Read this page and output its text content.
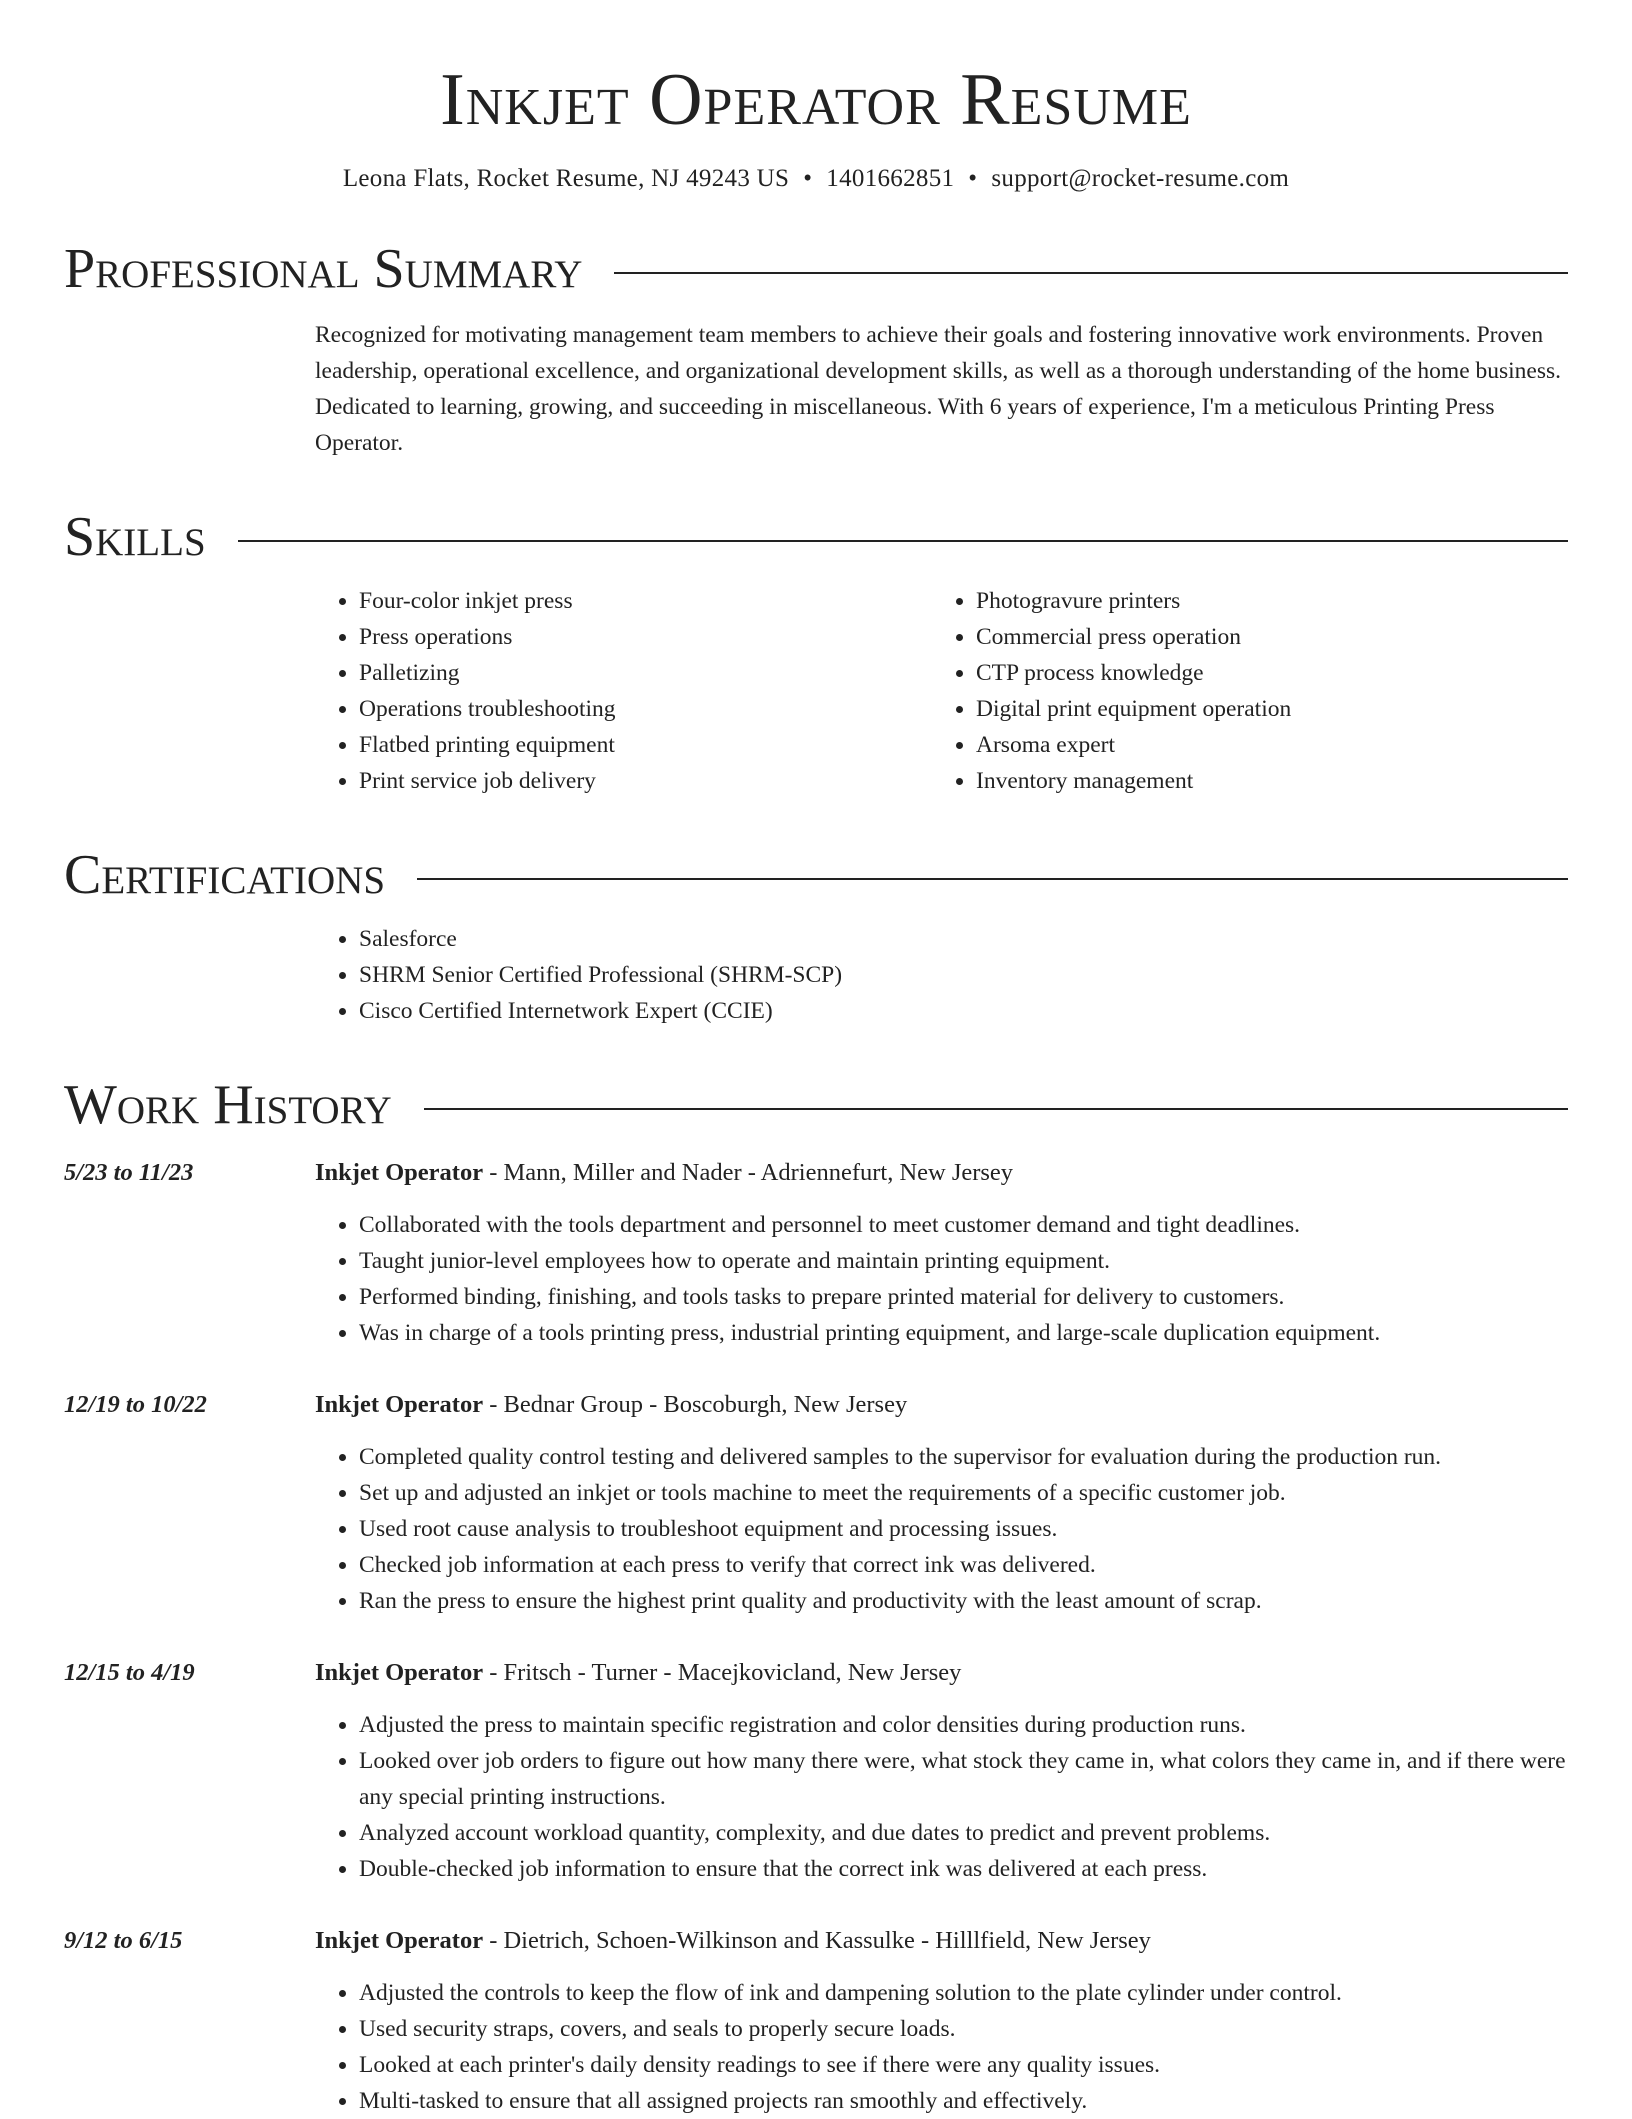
Inkjet Operator Resume
Leona Flats, Rocket Resume, NJ 49243 US • 1401662851 • support@rocket-resume.com
Professional Summary

Recognized for motivating management team members to achieve their goals and fostering innovative work environments. Proven leadership, operational excellence, and organizational development skills, as well as a thorough understanding of the home business. Dedicated to learning, growing, and succeeding in miscellaneous. With 6 years of experience, I'm a meticulous Printing Press Operator.

Skills
• Four-color inkjet press
• Press operations
• Palletizing
• Operations troubleshooting
• Flatbed printing equipment
• Print service job delivery
• Photogravure printers
• Commercial press operation
• CTP process knowledge
• Digital print equipment operation
• Arsoma expert
• Inventory management
Certifications
• Salesforce
• SHRM Senior Certified Professional (SHRM-SCP)
• Cisco Certified Internetwork Expert (CCIE)
Work History
5/23 to 11/23	Inkjet Operator - Mann, Miller and Nader - Adriennefurt, New Jersey
• Collaborated with the tools department and personnel to meet customer demand and tight deadlines.
• Taught junior-level employees how to operate and maintain printing equipment.
• Performed binding, finishing, and tools tasks to prepare printed material for delivery to customers.
• Was in charge of a tools printing press, industrial printing equipment, and large-scale duplication equipment.
12/19 to 10/22	Inkjet Operator - Bednar Group - Boscoburgh, New Jersey
• Completed quality control testing and delivered samples to the supervisor for evaluation during the production run.
• Set up and adjusted an inkjet or tools machine to meet the requirements of a specific customer job.
• Used root cause analysis to troubleshoot equipment and processing issues.
• Checked job information at each press to verify that correct ink was delivered.
• Ran the press to ensure the highest print quality and productivity with the least amount of scrap.
12/15 to 4/19	Inkjet Operator - Fritsch - Turner - Macejkovicland, New Jersey
• Adjusted the press to maintain specific registration and color densities during production runs.
• Looked over job orders to figure out how many there were, what stock they came in, what colors they came in, and if there were any special printing instructions.
• Analyzed account workload quantity, complexity, and due dates to predict and prevent problems.
• Double-checked job information to ensure that the correct ink was delivered at each press.
9/12 to 6/15	Inkjet Operator - Dietrich, Schoen-Wilkinson and Kassulke - Hilllfield, New Jersey
• Adjusted the controls to keep the flow of ink and dampening solution to the plate cylinder under control.
• Used security straps, covers, and seals to properly secure loads.
• Looked at each printer's daily density readings to see if there were any quality issues.
• Multi-tasked to ensure that all assigned projects ran smoothly and effectively.
